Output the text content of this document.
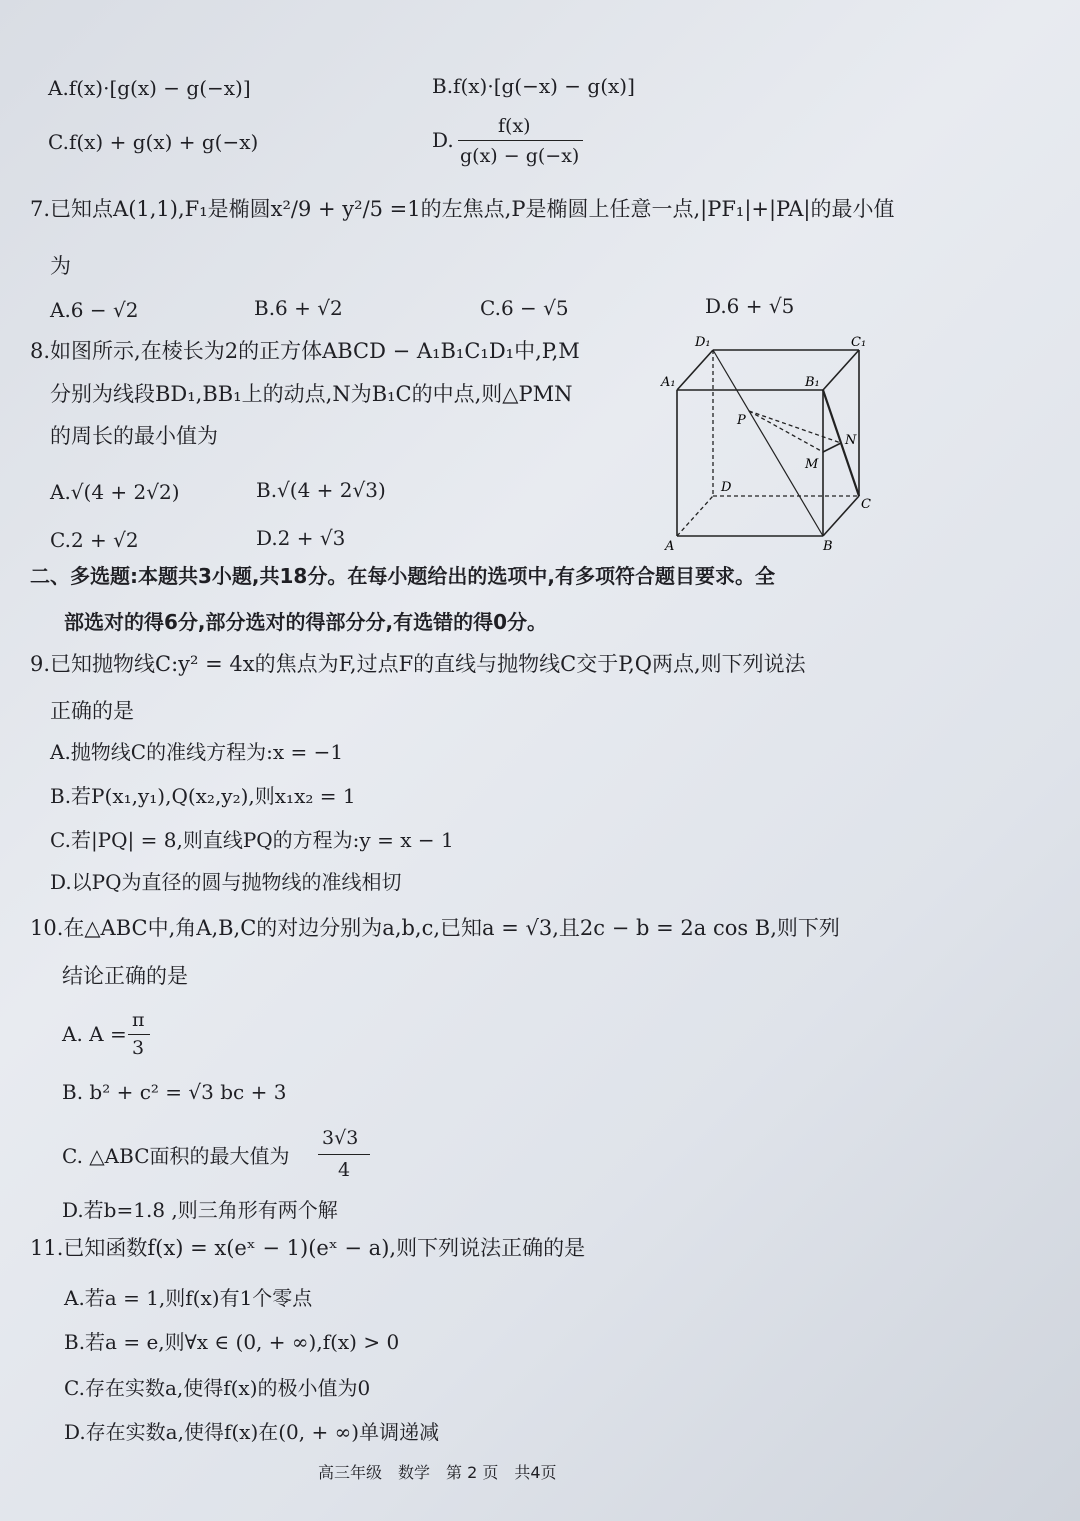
A.f(x)·[g(x) − g(−x)]	B.f(x)·[g(−x) − g(x)]
C.f(x) + g(x) + g(−x)	D.
f(x)
g(x) − g(−x)
7.已知点A(1,1),F₁是椭圆x²/9 + y²/5 =1的左焦点,P是椭圆上任意一点,|PF₁|+|PA|的最小值
为
A.6 − √2	B.6 + √2	C.6 − √5	D.6 + √5
8.如图所示,在棱长为2的正方体ABCD − A₁B₁C₁D₁中,P,M
分别为线段BD₁,BB₁上的动点,N为B₁C的中点,则△PMN
的周长的最小值为
A.√(4 + 2√2)	B.√(4 + 2√3)
C.2 + √2	D.2 + √3
D₁	C₁
A₁	B₁
P
N
M
D
C
A	B
二、多选题:本题共3小题,共18分。在每小题给出的选项中,有多项符合题目要求。全
部选对的得6分,部分选对的得部分分,有选错的得0分。
9.已知抛物线C:y² = 4x的焦点为F,过点F的直线与抛物线C交于P,Q两点,则下列说法
正确的是
A.抛物线C的准线方程为:x = −1
B.若P(x₁,y₁),Q(x₂,y₂),则x₁x₂ = 1
C.若|PQ| = 8,则直线PQ的方程为:y = x − 1
D.以PQ为直径的圆与抛物线的准线相切
10.在△ABC中,角A,B,C的对边分别为a,b,c,已知a = √3,且2c − b = 2a cos B,则下列
结论正确的是
A. A =
π
3
B. b² + c² = √3 bc + 3
C. △ABC面积的最大值为
3√3
4
D.若b=1.8 ,则三角形有两个解
11.已知函数f(x) = x(eˣ − 1)(eˣ − a),则下列说法正确的是
A.若a = 1,则f(x)有1个零点
B.若a = e,则∀x ∈ (0, + ∞),f(x) > 0
C.存在实数a,使得f(x)的极小值为0
D.存在实数a,使得f(x)在(0, + ∞)单调递减
高三年级　数学　第 2 页　共4页
